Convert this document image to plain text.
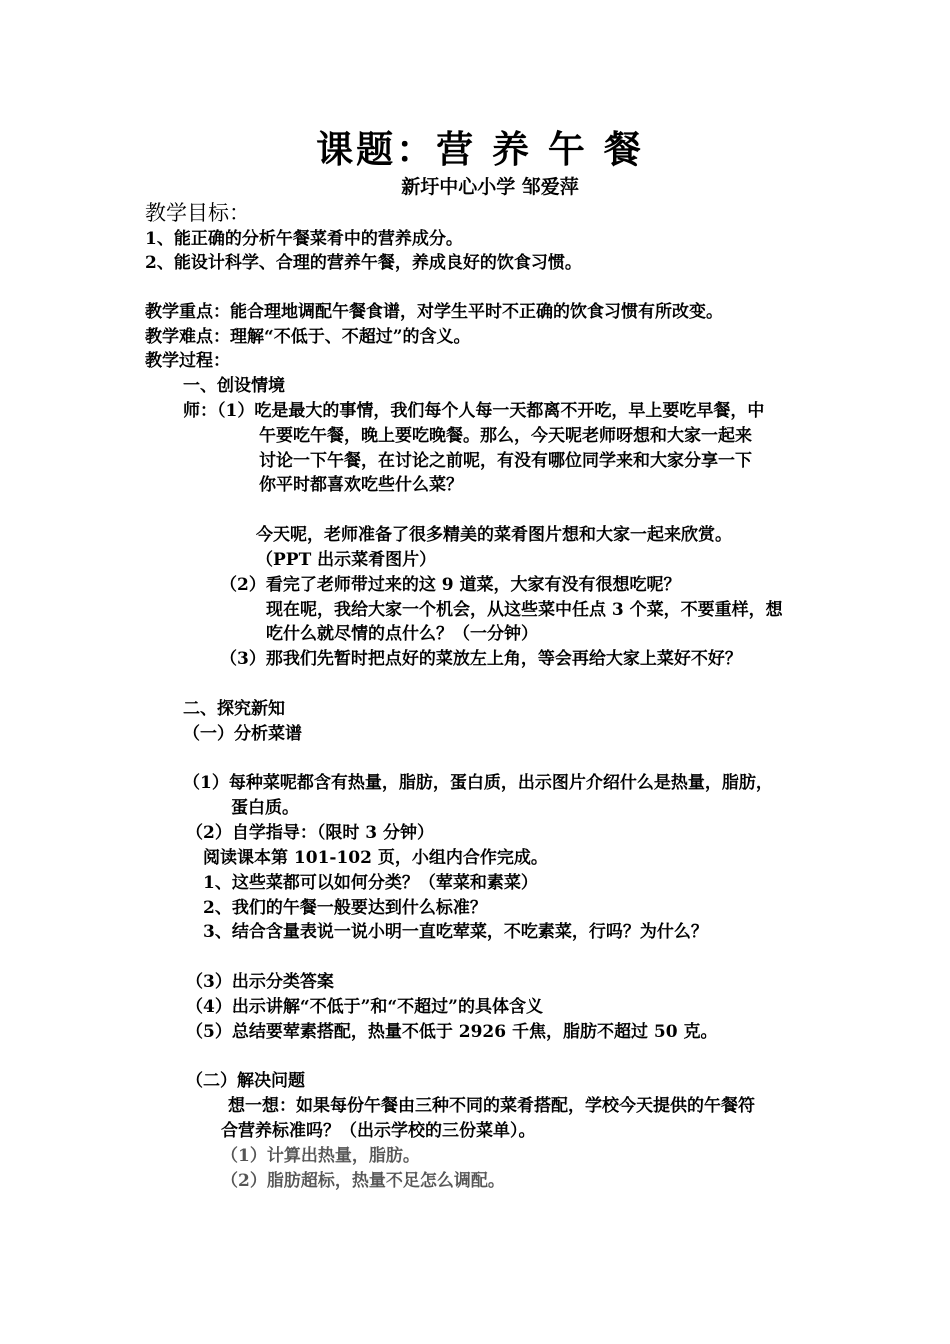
课题：营 养 午 餐
新圩中心小学 邹爱萍
教学目标：
1、能正确的分析午餐菜肴中的营养成分。
2、能设计科学、合理的营养午餐，养成良好的饮食习惯。
教学重点：能合理地调配午餐食谱，对学生平时不正确的饮食习惯有所改变。
教学难点：理解“不低于、不超过”的含义。
教学过程：
一、创设情境
师：（1）吃是最大的事情，我们每个人每一天都离不开吃，早上要吃早餐，中
午要吃午餐，晚上要吃晚餐。那么，今天呢老师呀想和大家一起来
讨论一下午餐，在讨论之前呢，有没有哪位同学来和大家分享一下
你平时都喜欢吃些什么菜？
今天呢，老师准备了很多精美的菜肴图片想和大家一起来欣赏。
（PPT 出示菜肴图片）
（2）看完了老师带过来的这 9 道菜，大家有没有很想吃呢？
现在呢，我给大家一个机会，从这些菜中任点 3 个菜，不要重样，想
吃什么就尽情的点什么？（一分钟）
（3）那我们先暂时把点好的菜放左上角，等会再给大家上菜好不好？
二、探究新知
（一）分析菜谱
（1）每种菜呢都含有热量，脂肪，蛋白质，出示图片介绍什么是热量，脂肪，
蛋白质。
（2）自学指导：（限时 3 分钟）
阅读课本第 101-102 页，小组内合作完成。
1、这些菜都可以如何分类？（荤菜和素菜）
2、我们的午餐一般要达到什么标准？
3、结合含量表说一说小明一直吃荤菜，不吃素菜，行吗？为什么？
（3）出示分类答案
（4）出示讲解“不低于”和“不超过”的具体含义
（5）总结要荤素搭配，热量不低于 2926 千焦，脂肪不超过 50 克。
（二）解决问题
想一想：如果每份午餐由三种不同的菜肴搭配，学校今天提供的午餐符
合营养标准吗？（出示学校的三份菜单）。
（1）计算出热量，脂肪。
（2）脂肪超标，热量不足怎么调配。
